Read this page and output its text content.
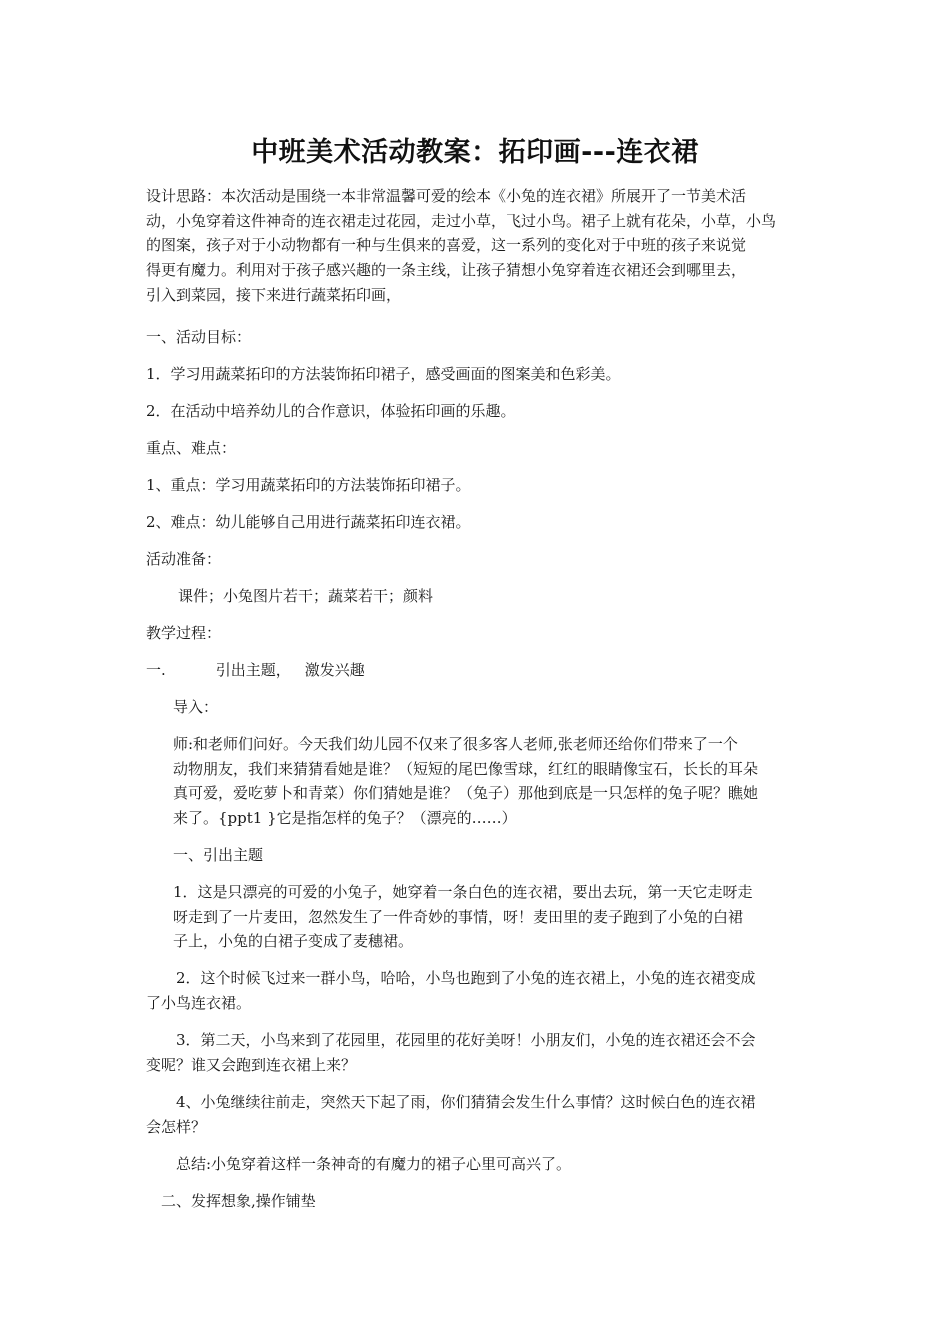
中班美术活动教案：拓印画---连衣裙
设计思路：本次活动是围绕一本非常温馨可爱的绘本《小兔的连衣裙》所展开了一节美术活
动，小兔穿着这件神奇的连衣裙走过花园，走过小草，飞过小鸟。裙子上就有花朵，小草，小鸟
的图案，孩子对于小动物都有一种与生俱来的喜爱，这一系列的变化对于中班的孩子来说觉
得更有魔力。利用对于孩子感兴趣的一条主线，让孩子猜想小兔穿着连衣裙还会到哪里去，
引入到菜园，接下来进行蔬菜拓印画，
一、活动目标：
1．学习用蔬菜拓印的方法装饰拓印裙子，感受画面的图案美和色彩美。
2．在活动中培养幼儿的合作意识，体验拓印画的乐趣。
重点、难点：
1、重点：学习用蔬菜拓印的方法装饰拓印裙子。
2、难点：幼儿能够自己用进行蔬菜拓印连衣裙。
活动准备：
课件；小兔图片若干；蔬菜若干；颜料
教学过程：
一.	引出主题， 激发兴趣
导入：
师:和老师们问好。今天我们幼儿园不仅来了很多客人老师,张老师还给你们带来了一个
动物朋友，我们来猜猜看她是谁？（短短的尾巴像雪球，红红的眼睛像宝石，长长的耳朵
真可爱，爱吃萝卜和青菜）你们猜她是谁？（兔子）那他到底是一只怎样的兔子呢？瞧她
来了。{ppt1 }它是指怎样的兔子？（漂亮的……）
一、引出主题
1．这是只漂亮的可爱的小兔子，她穿着一条白色的连衣裙，要出去玩，第一天它走呀走
呀走到了一片麦田，忽然发生了一件奇妙的事情，呀！麦田里的麦子跑到了小兔的白裙
子上，小兔的白裙子变成了麦穗裙。
2．这个时候飞过来一群小鸟，哈哈，小鸟也跑到了小兔的连衣裙上，小兔的连衣裙变成
了小鸟连衣裙。
3．第二天，小鸟来到了花园里，花园里的花好美呀！小朋友们，小兔的连衣裙还会不会
变呢？谁又会跑到连衣裙上来？
4、小兔继续往前走，突然天下起了雨，你们猜猜会发生什么事情？这时候白色的连衣裙
会怎样？
总结:小兔穿着这样一条神奇的有魔力的裙子心里可高兴了。
二、发挥想象,操作铺垫
